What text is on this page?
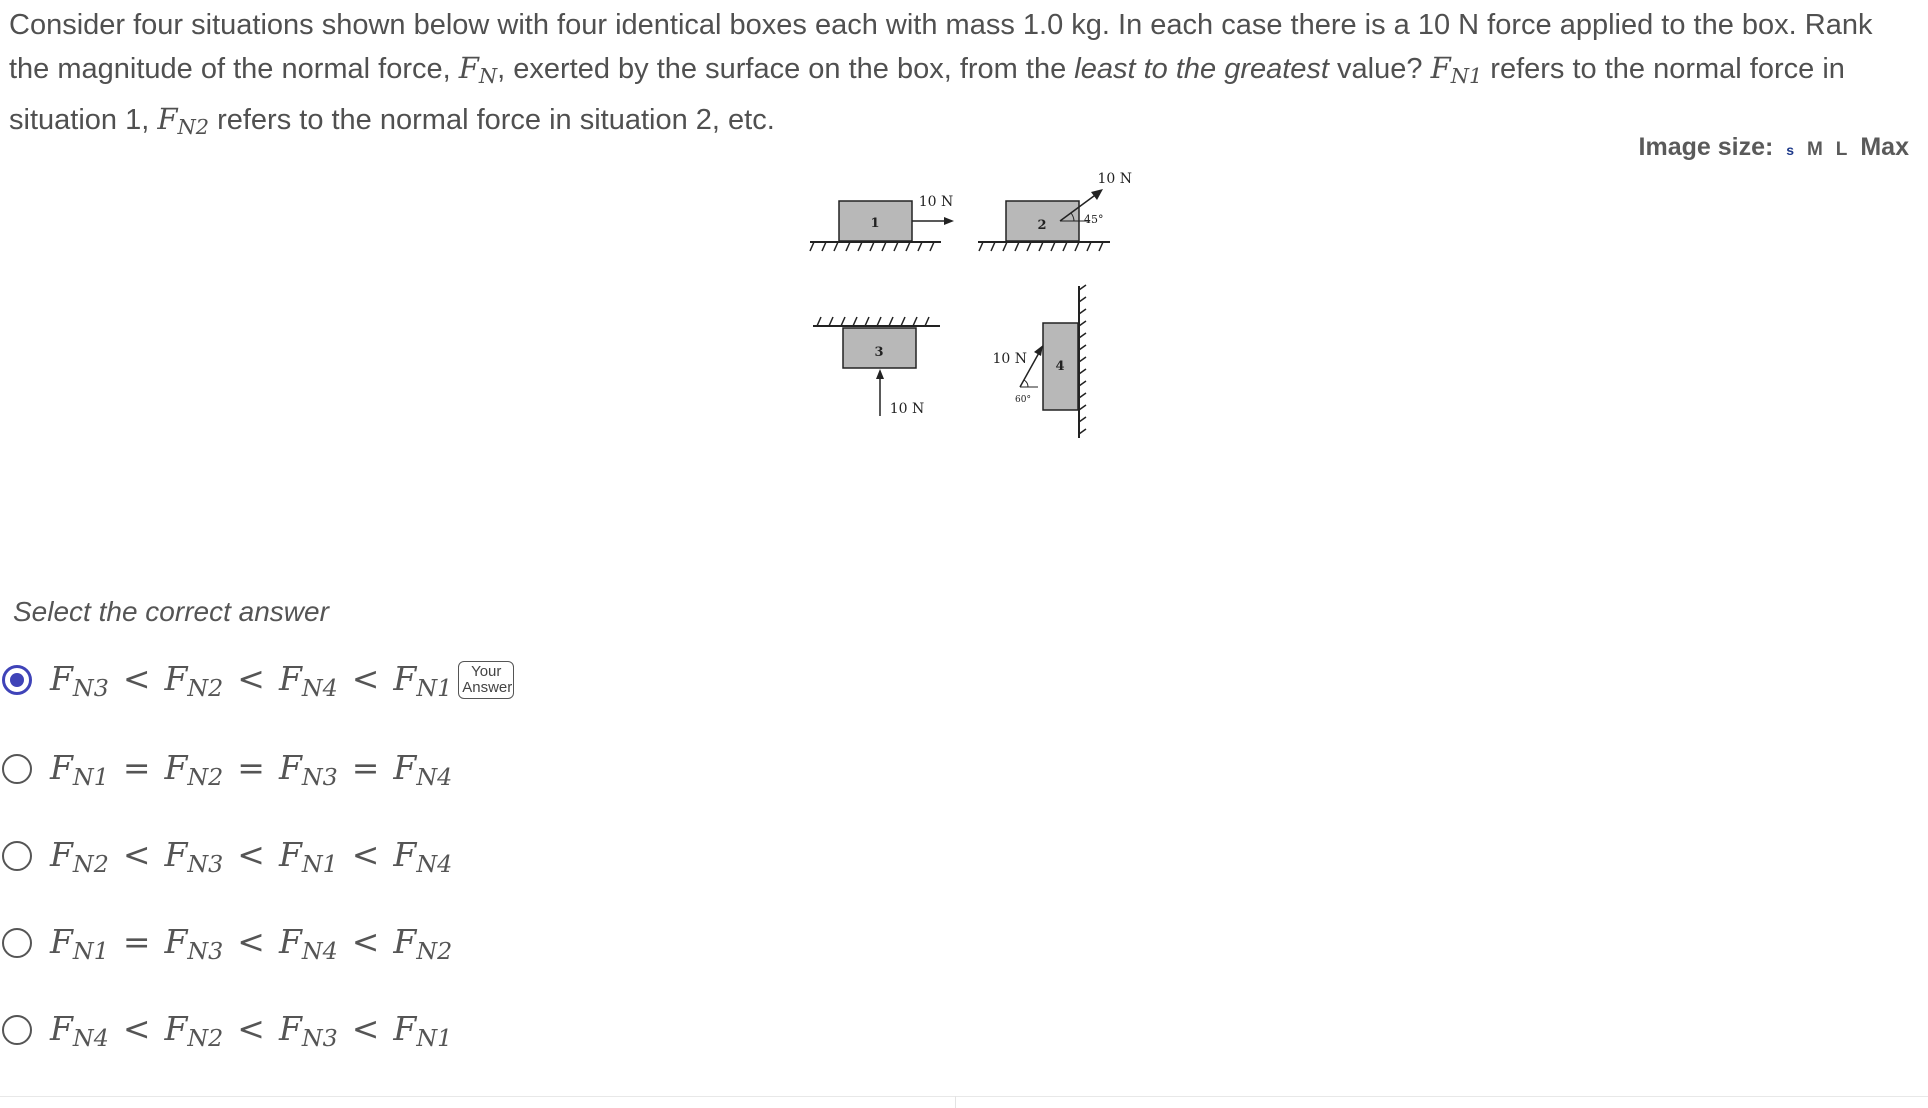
Consider four situations shown below with four identical boxes each with mass 1.0 kg. In each case there is a 10 N force applied to the box. Rank the magnitude of the normal force, $F_N$, exerted by the surface on the box, from the least to the greatest value? $F_{N1}$ refers to the normal force in situation 1, $F_{N2}$ refers to the normal force in situation 2, etc.
Image size: s M L Max
1
10 N
2	45°
10 N
3
10 N
4
60°
10 N
Select the correct answer
$F_{N3} < F_{N2} < F_{N4} < F_{N1}$
Your
Answer
$F_{N1} = F_{N2} = F_{N3} = F_{N4}$
$F_{N2} < F_{N3} < F_{N1} < F_{N4}$
$F_{N1} = F_{N3} < F_{N4} < F_{N2}$
$F_{N4} < F_{N2} < F_{N3} < F_{N1}$
